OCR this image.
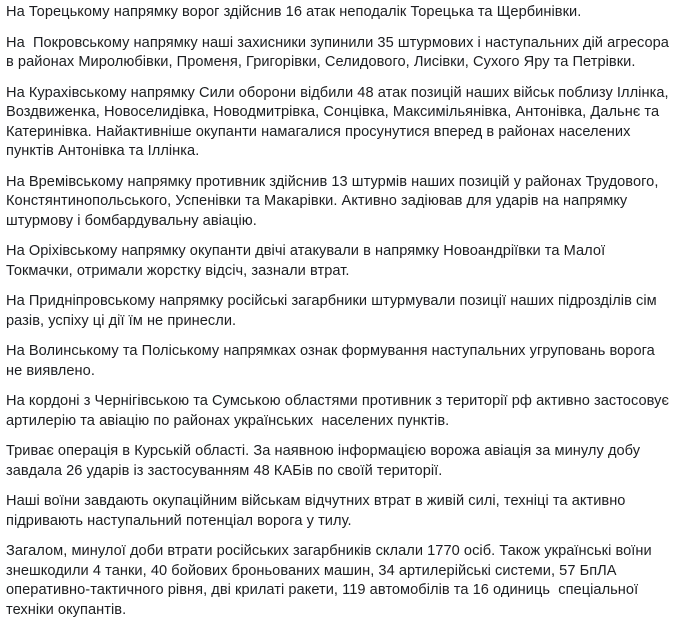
На Торецькому напрямку ворог здійснив 16 атак неподалік Торецька та Щербинівки.

На  Покровському напрямку наші захисники зупинили 35 штурмових і наступальних дій агресора в районах Миролюбівки, Променя, Григорівки, Селидового, Лисівки, Сухого Яру та Петрівки.

На Курахівському напрямку Сили оборони відбили 48 атак позицій наших військ поблизу Іллінка, Воздвиженка, Новоселидівка, Новодмитрівка, Сонцівка, Максимільянівка, Антонівка, Дальнє та Катеринівка. Найактивніше окупанти намагалися просунутися вперед в районах населених пунктів Антонівка та Іллінка.

На Времівському напрямку противник здійснив 13 штурмів наших позицій у районах Трудового, Констянтинопольського, Успенівки та Макарівки. Активно задіював для ударів на напрямку штурмову і бомбардувальну авіацію.

На Оріхівському напрямку окупанти двічі атакували в напрямку Новоандріївки та Малої Токмачки, отримали жорстку відсіч, зазнали втрат.

На Придніпровському напрямку російські загарбники штурмували позиції наших підрозділів сім разів, успіху ці дії їм не принесли.

На Волинському та Поліському напрямках ознак формування наступальних угруповань ворога не виявлено.

На кордоні з Чернігівською та Сумською областями противник з території рф активно застосовує артилерію та авіацію по районах українських  населених пунктів.

Триває операція в Курській області. За наявною інформацією ворожа авіація за минулу добу завдала 26 ударів із застосуванням 48 КАБів по своїй території.

Наші воїни завдають окупаційним військам відчутних втрат в живій силі, техніці та активно підривають наступальний потенціал ворога у тилу.

Загалом, минулої доби втрати російських загарбників склали 1770 осіб. Також українські воїни знешкодили 4 танки, 40 бойових броньованих машин, 34 артилерійські системи, 57 БпЛА оперативно-тактичного рівня, дві крилаті ракети, 119 автомобілів та 16 одиниць  спеціальної техніки окупантів.
